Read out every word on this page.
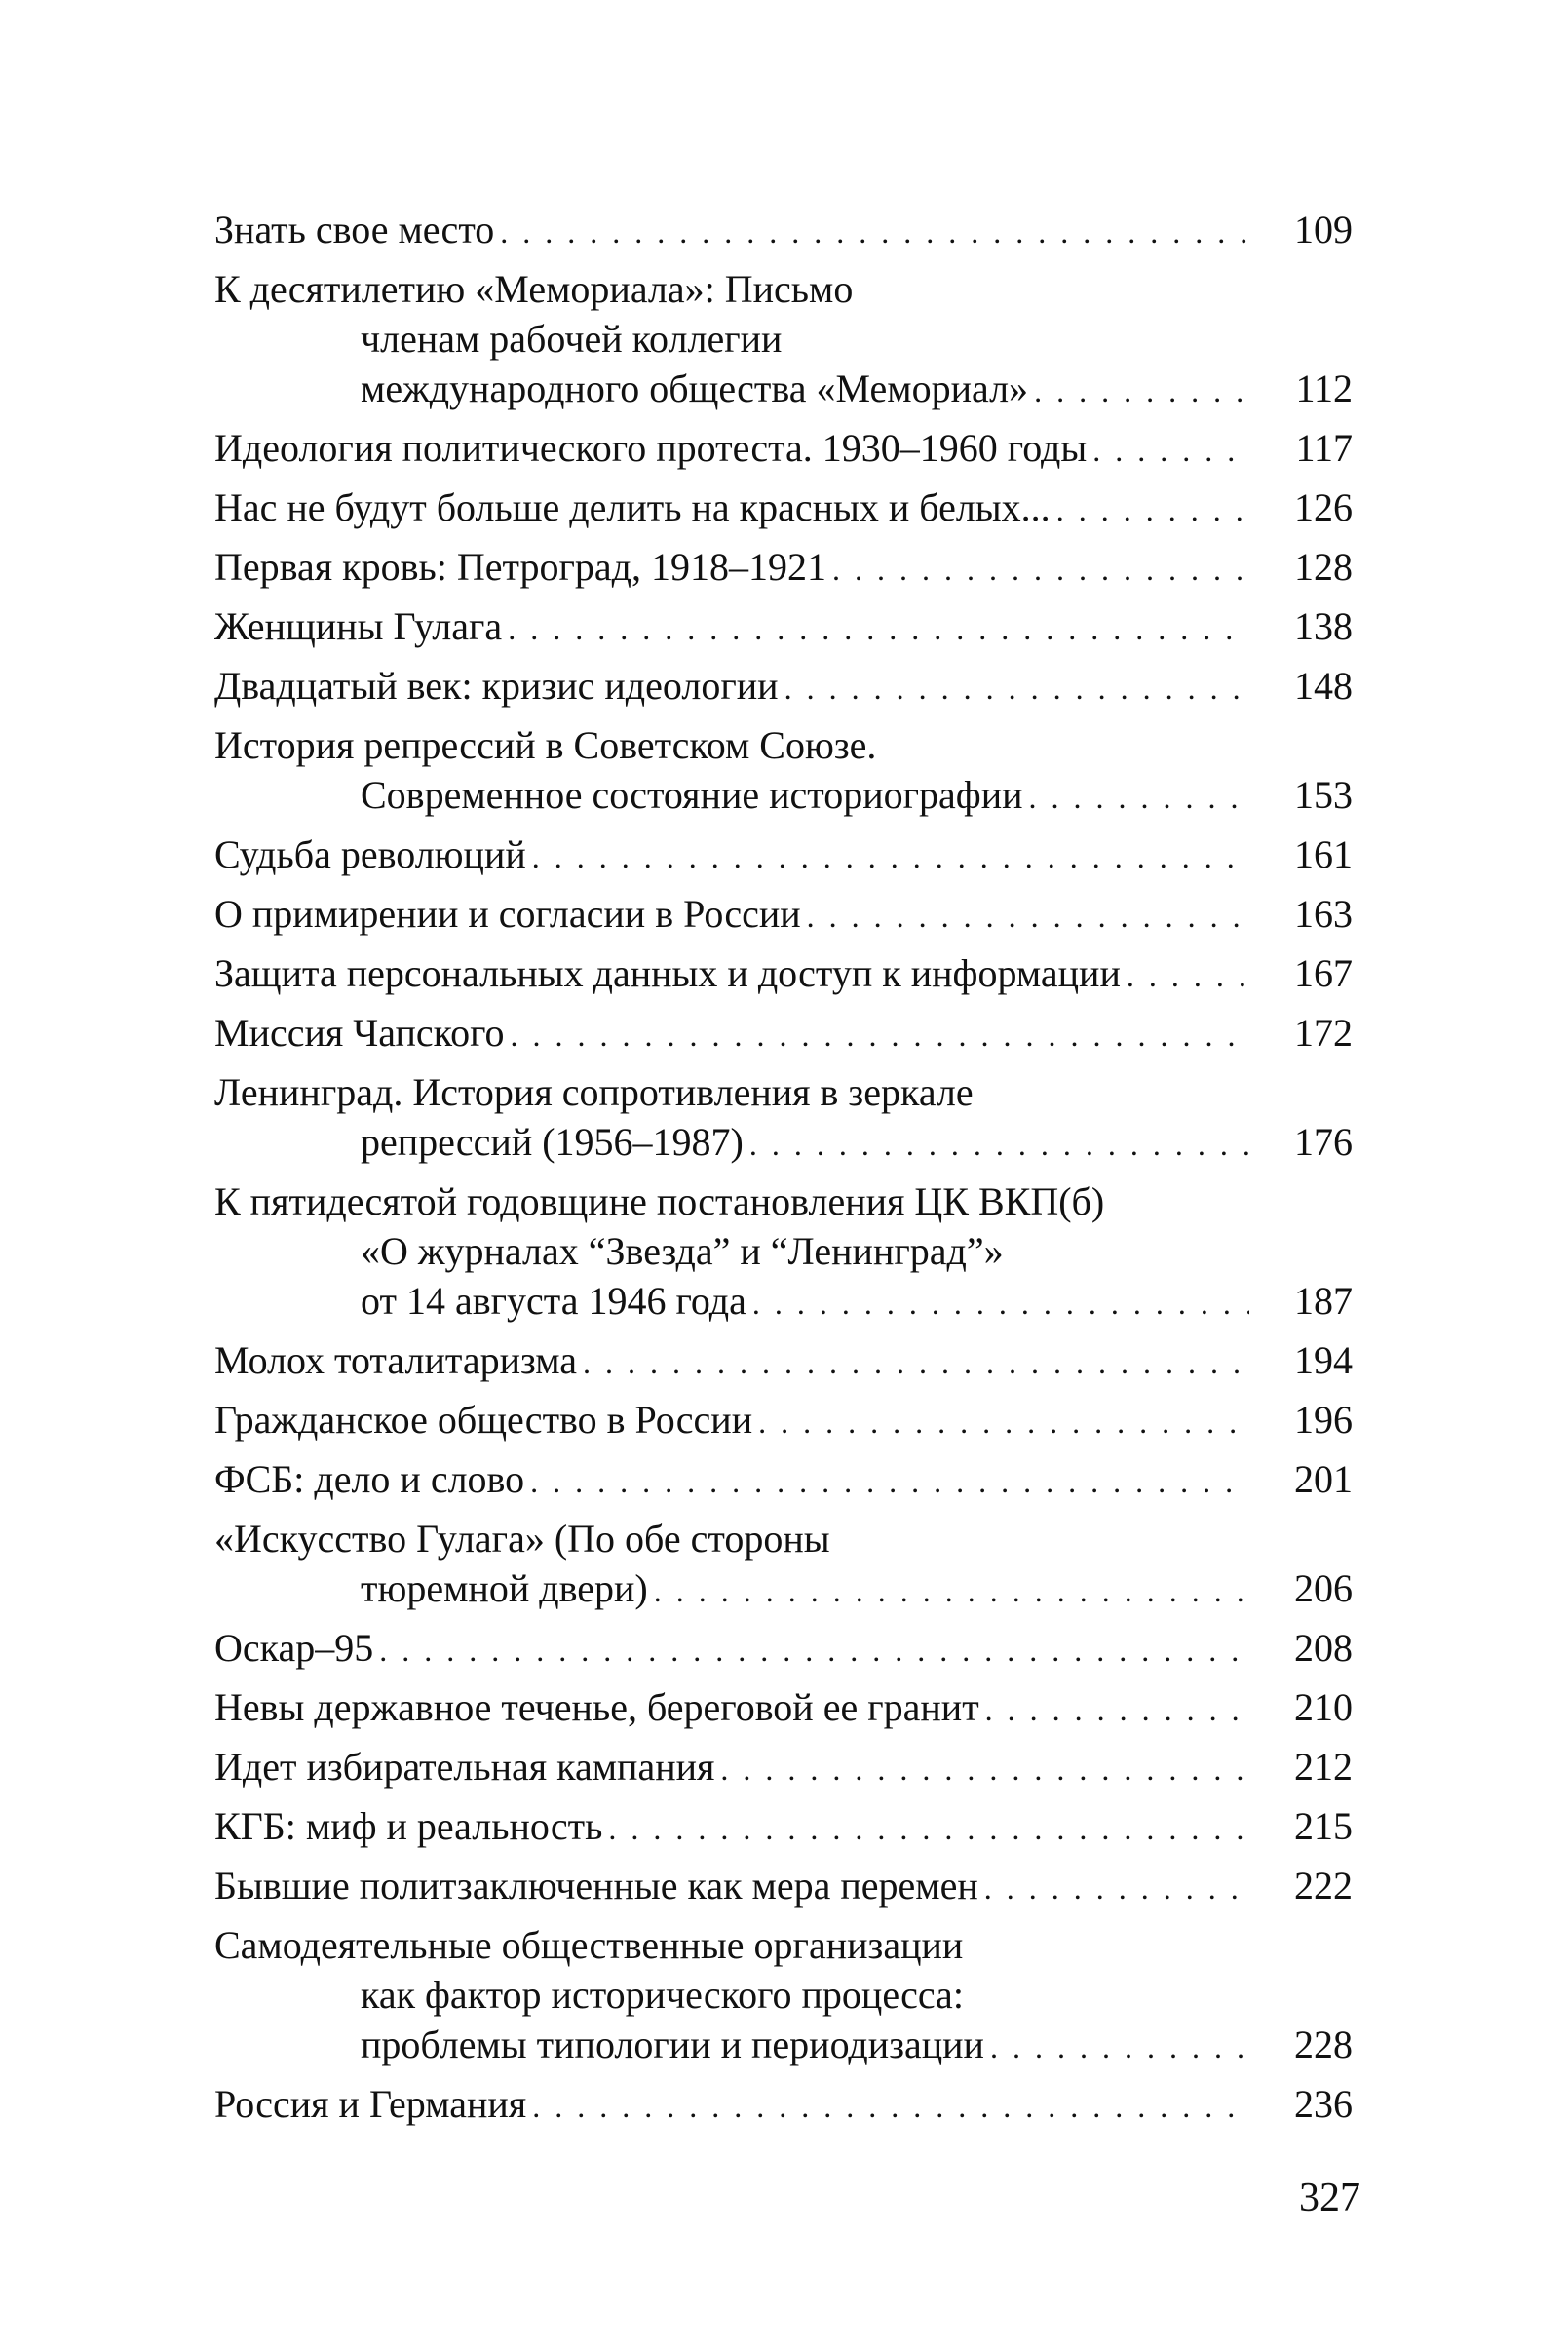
Знать свое место . . .	109
К десятилетию «Мемориала»: Письмо
членам рабочей коллегии
международного общества «Мемориал» . . .	112
Идеология политического протеста. 1930–1960 годы . . .	117
Нас не будут больше делить на красных и белых... . . .	126
Первая кровь: Петроград, 1918–1921 . . .	128
Женщины Гулага . . .	138
Двадцатый век: кризис идеологии . . .	148
История репрессий в Советском Союзе.
Современное состояние историографии . . .	153
Судьба революций . . .	161
О примирении и согласии в России . . .	163
Защита персональных данных и доступ к информации . . .	167
Миссия Чапского . . .	172
Ленинград. История сопротивления в зеркале
репрессий (1956–1987) . . .	176
К пятидесятой годовщине постановления ЦК ВКП(б)
«О журналах “Звезда” и “Ленинград”»
от 14 августа 1946 года . . .	187
Молох тоталитаризма . . .	194
Гражданское общество в России . . .	196
ФСБ: дело и слово . . .	201
«Искусство Гулага» (По обе стороны
тюремной двери) . . .	206
Оскар–95 . . .	208
Невы державное теченье, береговой ее гранит . . .	210
Идет избирательная кампания . . .	212
КГБ: миф и реальность . . .	215
Бывшие политзаключенные как мера перемен . . .	222
Самодеятельные общественные организации
как фактор исторического процесса:
проблемы типологии и периодизации . . .	228
Россия и Германия . . .	236
327
